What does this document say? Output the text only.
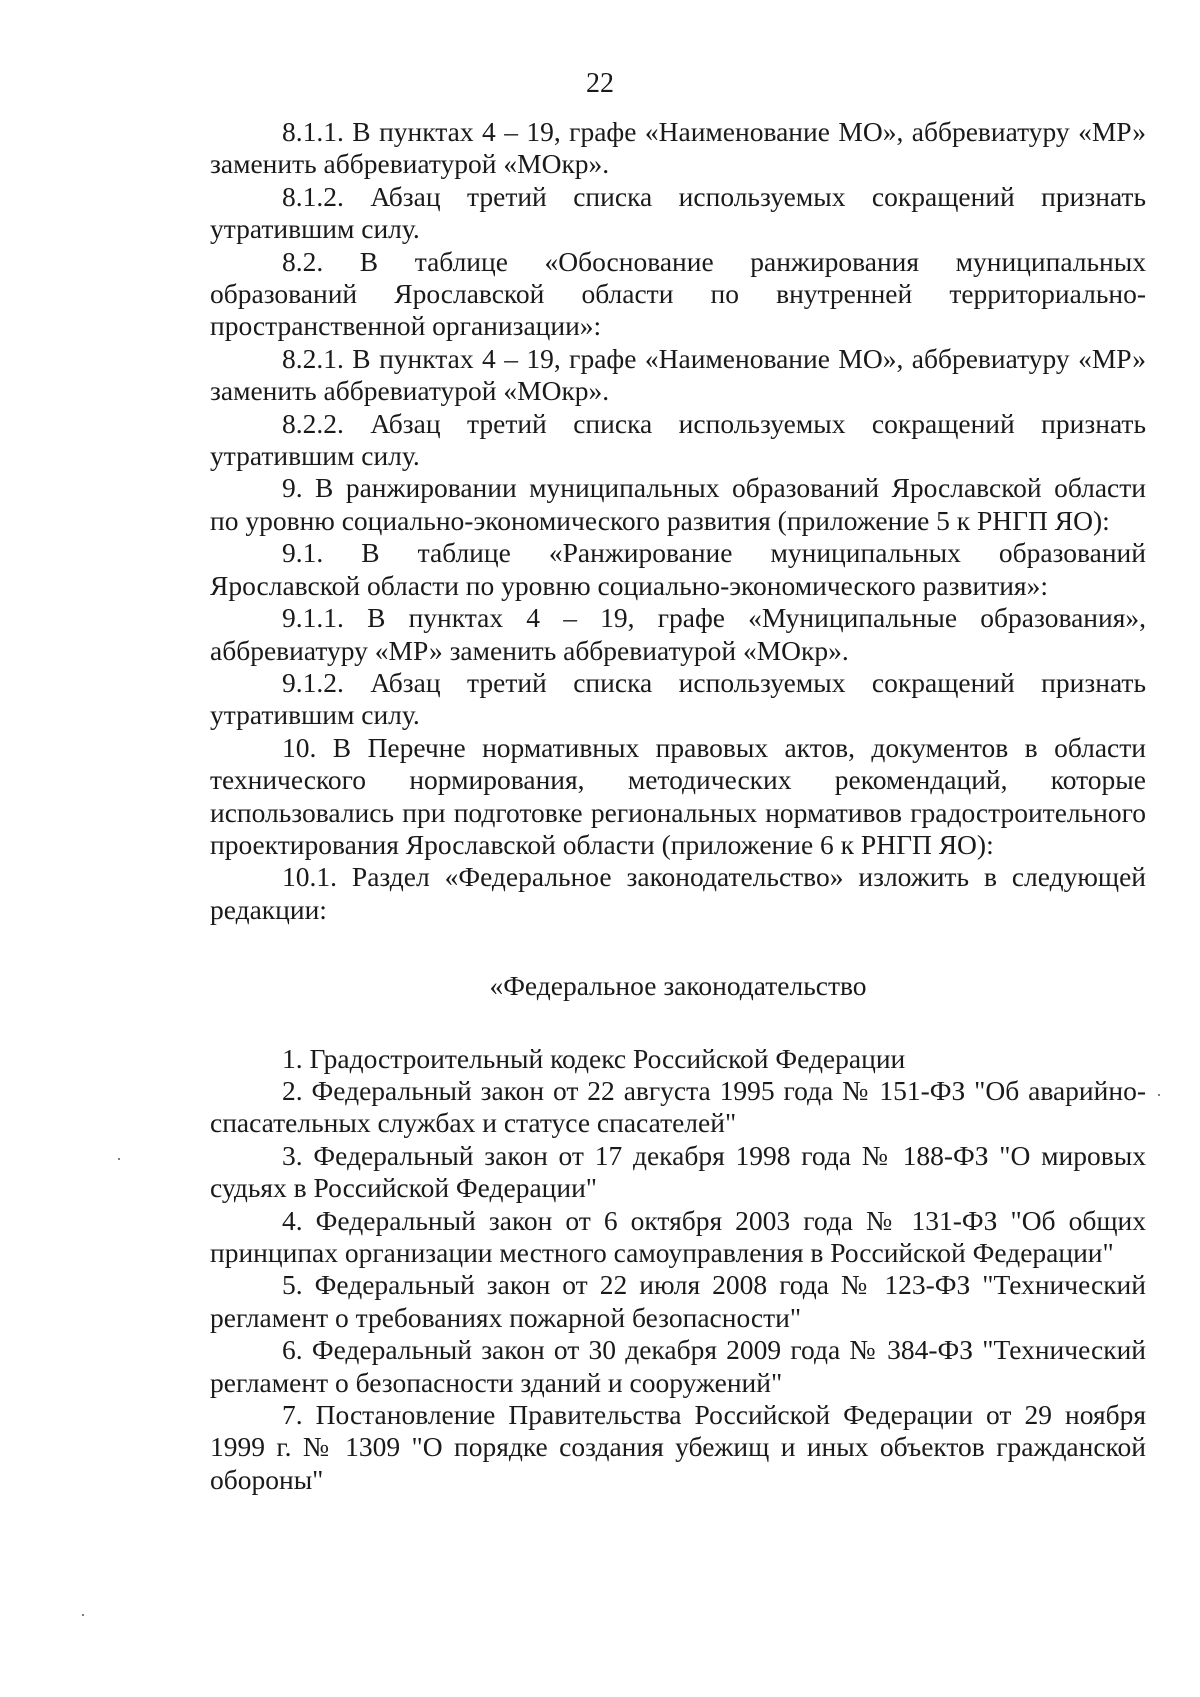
22

8.1.1. В пунктах 4 – 19, графе «Наименование МО», аббревиатуру «МР» заменить аббревиатурой «МОкр».

8.1.2. Абзац третий списка используемых сокращений признать утратившим силу.

8.2. В таблице «Обоснование ранжирования муниципальных образований Ярославской области по внутренней территориально-пространственной организации»:

8.2.1. В пунктах 4 – 19, графе «Наименование МО», аббревиатуру «МР» заменить аббревиатурой «МОкр».

8.2.2. Абзац третий списка используемых сокращений признать утратившим силу.

9. В ранжировании муниципальных образований Ярославской области по уровню социально-экономического развития (приложение 5 к РНГП ЯО):

9.1. В таблице «Ранжирование муниципальных образований Ярославской области по уровню социально-экономического развития»:

9.1.1. В пунктах 4 – 19, графе «Муниципальные образования», аббревиатуру «МР» заменить аббревиатурой «МОкр».

9.1.2. Абзац третий списка используемых сокращений признать утратившим силу.

10. В Перечне нормативных правовых актов, документов в области технического нормирования, методических рекомендаций, которые использовались при подготовке региональных нормативов градостроительного проектирования Ярославской области (приложение 6 к РНГП ЯО):

10.1. Раздел «Федеральное законодательство» изложить в следующей редакции:

«Федеральное законодательство

1. Градостроительный кодекс Российской Федерации

2. Федеральный закон от 22 августа 1995 года № 151-ФЗ "Об аварийно-спасательных службах и статусе спасателей"

3. Федеральный закон от 17 декабря 1998 года № 188-ФЗ "О мировых судьях в Российской Федерации"

4. Федеральный закон от 6 октября 2003 года № 131-ФЗ "Об общих принципах организации местного самоуправления в Российской Федерации"

5. Федеральный закон от 22 июля 2008 года № 123-ФЗ "Технический регламент о требованиях пожарной безопасности"

6. Федеральный закон от 30 декабря 2009 года № 384-ФЗ "Технический регламент о безопасности зданий и сооружений"

7. Постановление Правительства Российской Федерации от 29 ноября 1999 г. № 1309 "О порядке создания убежищ и иных объектов гражданской обороны"
